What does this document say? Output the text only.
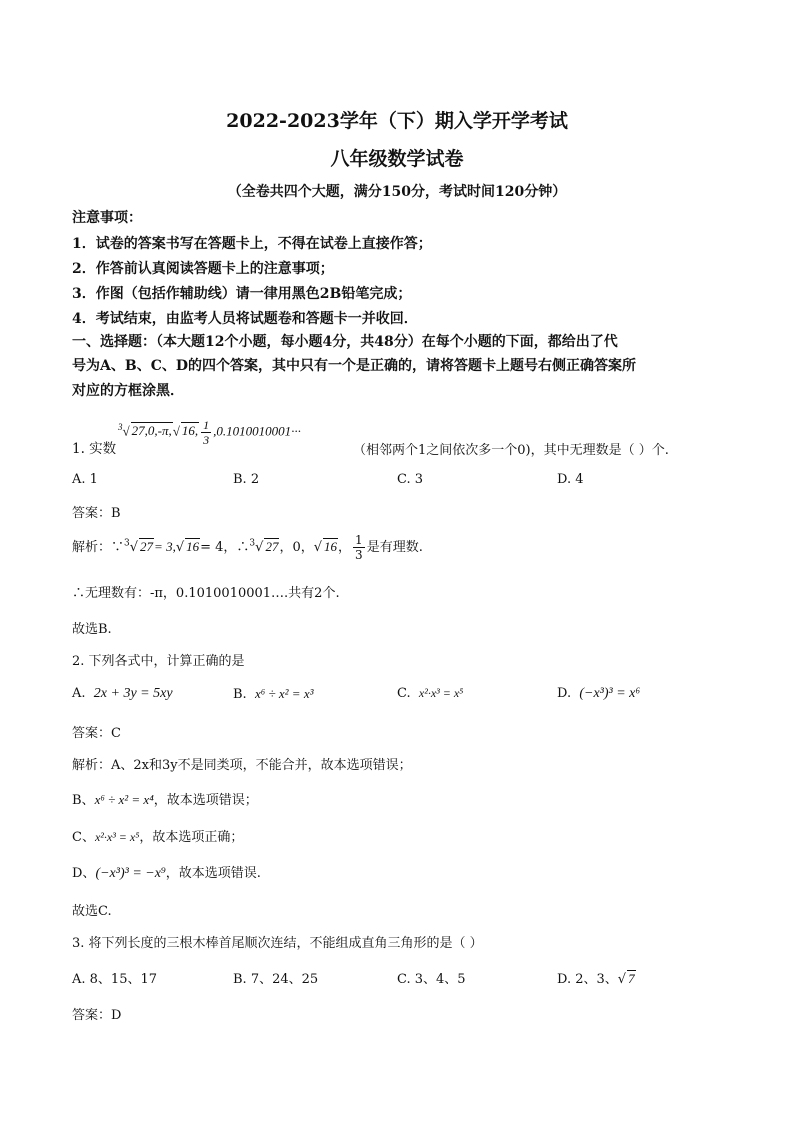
2022-2023学年（下）期入学开学考试
八年级数学试卷
（全卷共四个大题，满分150分，考试时间120分钟）
注意事项：
1．试卷的答案书写在答题卡上，不得在试卷上直接作答；
2．作答前认真阅读答题卡上的注意事项；
3．作图（包括作辅助线）请一律用黑色2B铅笔完成；
4．考试结束，由监考人员将试题卷和答题卡一并收回．
一、选择题：（本大题12个小题，每小题4分，共48分）在每个小题的下面，都给出了代
号为A、B、C、D的四个答案，其中只有一个是正确的，请将答题卡上题号右侧正确答案所
对应的方框涂黑．
1. 实数
$^3$√ 27,0,-π,√ 16, $\frac{1}{3} ,0.1010010001\cdot\cdot\cdot$
（相邻两个1之间依次多一个0)，其中无理数是（ ）个.
A. 1	B. 2	C. 3	D. 4
答案：B
解析：∵$^3$√ 27= 3,√ 16= 4，∴$^3$√ 27，0，√ 16， $\frac{1}{3}$ 是有理数.
∴无理数有：-π，0.1010010001….共有2个.
故选B.
2. 下列各式中，计算正确的是
A. 2x + 3y = 5xy	B. x⁶ ÷ x² = x³	C. x²·x³ = x⁵	D. (−x³)³ = x⁶
答案：C
解析：A、2x和3y不是同类项，不能合并，故本选项错误；
B、x⁶ ÷ x² = x⁴，故本选项错误；
C、x²·x³ = x⁵，故本选项正确；
D、(−x³)³ = −x⁹，故本选项错误.
故选C.
3. 将下列长度的三根木棒首尾顺次连结，不能组成直角三角形的是（ ）
A. 8、15、17	B. 7、24、25	C. 3、4、5	D. 2、3、√ 7
答案：D
